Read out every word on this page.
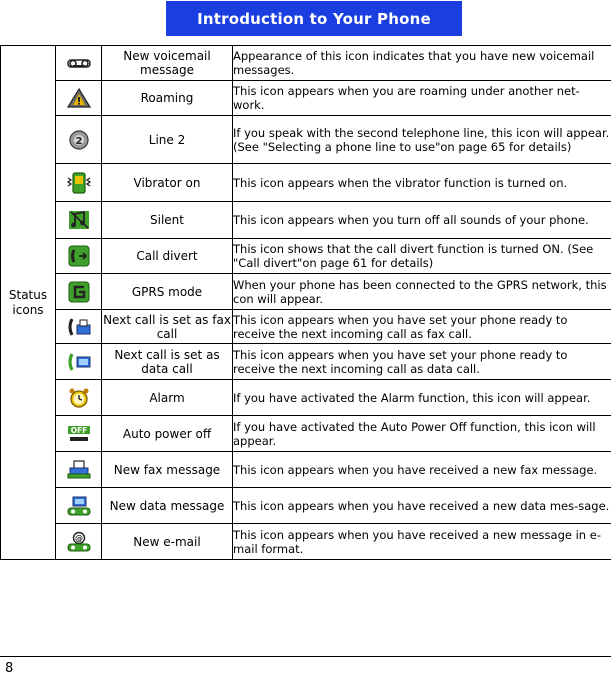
Introduction to Your Phone
Status icons		New voicemail message	Appearance of this icon indicates that you have new voicemail messages.

	Roaming	This icon appears when you are roaming under another net-work.

2	Line 2	If you speak with the second telephone line, this icon will appear. (See "Selecting a phone line to use"on page 65 for details)

	Vibrator on	This icon appears when the vibrator function is turned on.

	Silent	This icon appears when you turn off all sounds of your phone.

	Call divert	This icon shows that the call divert function is turned ON. (See "Call divert"on page 61 for details)

	GPRS mode	When your phone has been connected to the GPRS network, this con will appear.

	Next call is set as fax call	This icon appears when you have set your phone ready to receive the next incoming call as fax call.

	Next call is set as data call	This icon appears when you have set your phone ready to receive the next incoming call as data call.

	Alarm	If you have activated the Alarm function, this icon will appear.

OFF	Auto power off	If you have activated the Auto Power Off function, this icon will appear.

	New fax message	This icon appears when you have received a new fax message.

	New data message	This icon appears when you have received a new data mes-sage.

@	New e-mail	This icon appears when you have received a new message in e-mail format.
8
